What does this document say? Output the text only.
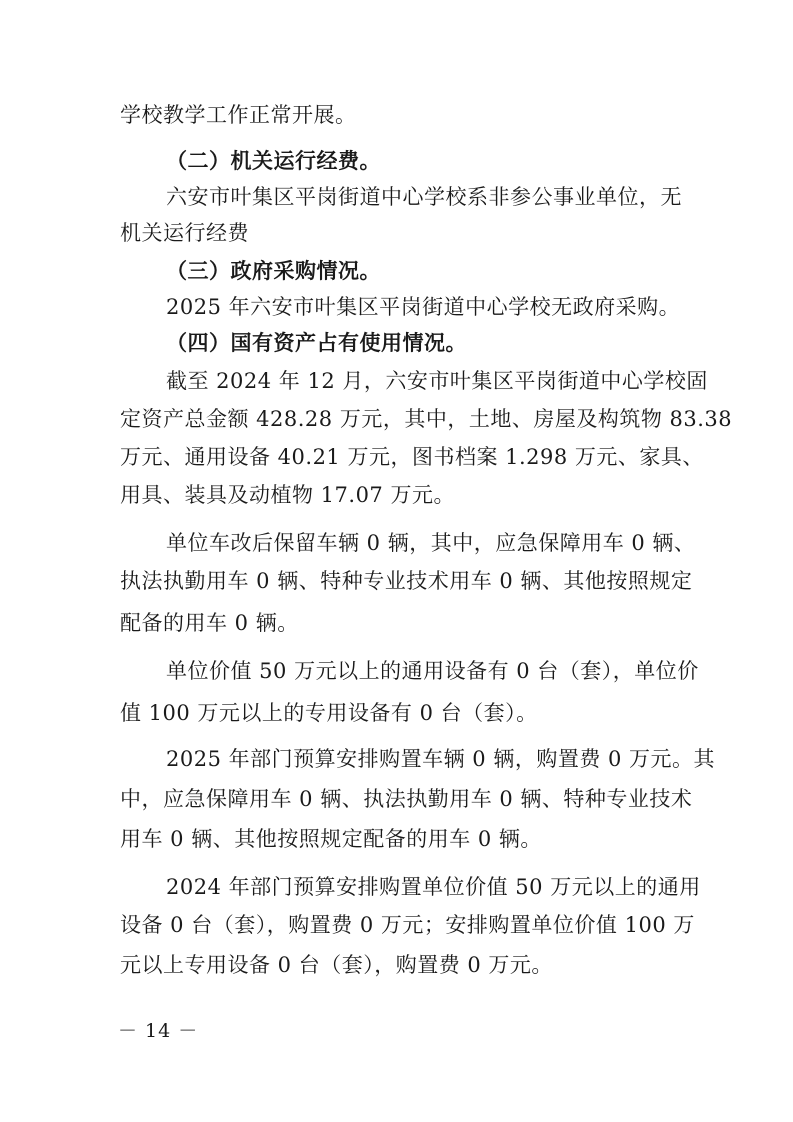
学校教学工作正常开展。
（二）机关运行经费。
六安市叶集区平岗街道中心学校系非参公事业单位，无
机关运行经费
（三）政府采购情况。
2025 年六安市叶集区平岗街道中心学校无政府采购。
（四）国有资产占有使用情况。
截至 2024 年 12 月，六安市叶集区平岗街道中心学校固
定资产总金额 428.28 万元，其中，土地、房屋及构筑物 83.38
万元、通用设备 40.21 万元，图书档案 1.298 万元、家具、
用具、装具及动植物 17.07 万元。
单位车改后保留车辆 0 辆，其中，应急保障用车 0 辆、
执法执勤用车 0 辆、特种专业技术用车 0 辆、其他按照规定
配备的用车 0 辆。
单位价值 50 万元以上的通用设备有 0 台（套），单位价
值 100 万元以上的专用设备有 0 台（套）。
2025 年部门预算安排购置车辆 0 辆，购置费 0 万元。其
中，应急保障用车 0 辆、执法执勤用车 0 辆、特种专业技术
用车 0 辆、其他按照规定配备的用车 0 辆。
2024 年部门预算安排购置单位价值 50 万元以上的通用
设备 0 台（套），购置费 0 万元；安排购置单位价值 100 万
元以上专用设备 0 台（套），购置费 0 万元。
－ 14 －
